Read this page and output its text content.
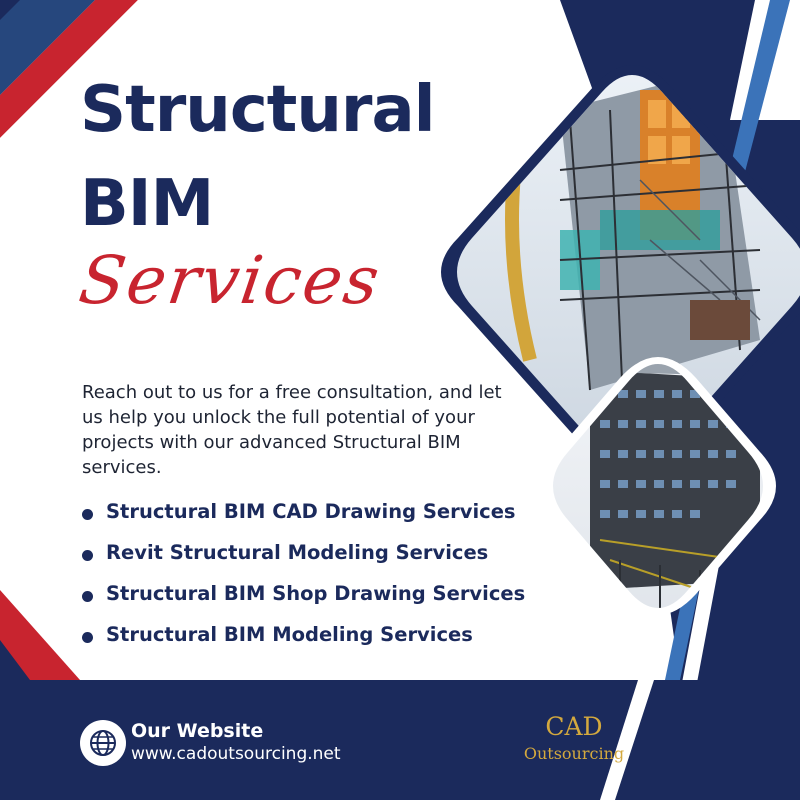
Structural
BIM
Services
Reach out to us for a free consultation, and let us help you unlock the full potential of your projects with our advanced Structural BIM services.
Structural BIM CAD Drawing Services
Revit Structural Modeling Services
Structural BIM Shop Drawing Services
Structural BIM Modeling Services
Our Website
www.cadoutsourcing.net
CAD
Outsourcing
